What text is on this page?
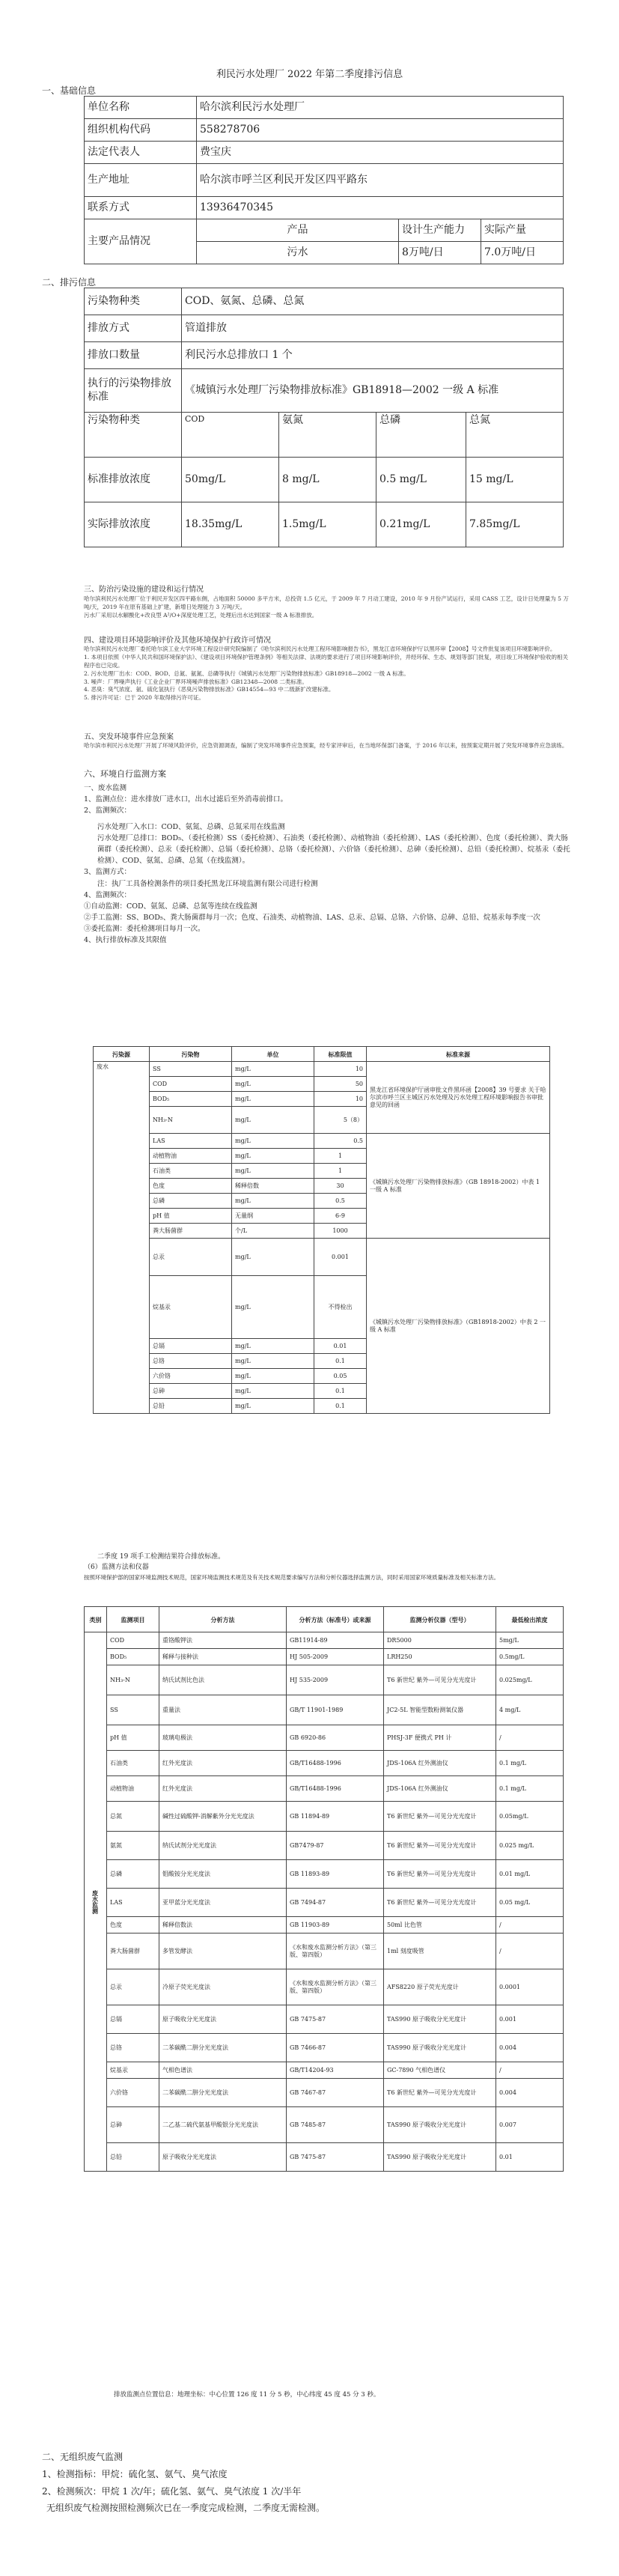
利民污水处理厂 2022 年第二季度排污信息
一、基础信息
单位名称	哈尔滨利民污水处理厂		
组织机构代码	558278706		
法定代表人	费宝庆		
生产地址	哈尔滨市呼兰区利民开发区四平路东		
联系方式	13936470345		
主要产品情况	产品	设计生产能力	实际产量
	污水	8万吨/日	7.0万吨/日
二、排污信息
污染物种类	COD、氨氮、总磷、总氮			
排放方式	管道排放			
排放口数量	利民污水总排放口 1 个			
执行的污染物排放标准	《城镇污水处理厂污染物排放标准》GB18918—2002 一级 A 标准			
污染物种类	COD	氨氮	总磷	总氮
标准排放浓度	50mg/L	8 mg/L	0.5 mg/L	15 mg/L
实际排放浓度	18.35mg/L	1.5mg/L	0.21mg/L	7.85mg/L
三、防治污染设施的建设和运行情况

哈尔滨利民污水处理厂位于利民开发区四平路东侧，占地面积 50000 多平方米，总投资 1.5 亿元，于 2009 年 7 月动工建设，2010 年 9 月份产试运行，采用 CASS 工艺，设计日处理量为 5 万吨/天，2019 年在原有基础上扩建，新增日处理能力 3 万吨/天。

污水厂采用以水解酸化+改良型 A²/O+深度处理工艺，处理后出水达到国家一级 A 标准排放。

四、建设项目环境影响评价及其他环境保护行政许可情况

哈尔滨利民污水处理厂委托哈尔滨工业大学环境工程设计研究院编制了《哈尔滨利民污水处理工程环境影响报告书》，黑龙江省环境保护厅以黑环审【2008】号文件批复该项目环境影响评价。

1. 本项目依照《中华人民共和国环境保护法》、《建设项目环境保护管理条例》等相关法律、法规的要求进行了项目环境影响评价，并经环保、生态、规划等部门批复，项目竣工环境保护验收的相关程序也已完成。

2. 污水处理厂出水：COD、BOD、总氮、氨氮、总磷等执行《城镇污水处理厂污染物排放标准》GB18918—2002 一级 A 标准。

3. 噪声：厂界噪声执行《工业企业厂界环境噪声排放标准》GB12348—2008 二类标准。

4. 恶臭：臭气浓度、氨、硫化氢执行《恶臭污染物排放标准》GB14554—93 中二级新扩改建标准。

5. 排污许可证：已于 2020 年取得排污许可证。

五、突发环境事件应急预案

哈尔滨市利民污水处理厂开展了环境风险评价，应急资源调查，编制了突发环境事件应急预案，经专家评审后，在当地环保部门备案，于 2016 年以来，按预案定期开展了突发环境事件应急演练。

六、环境自行监测方案

一、废水监测

1、监测点位：进水排放厂进水口，出水过滤后至外消毒前排口。

2、监测频次：

污水处理厂入水口：COD、氨氮、总磷、总氮采用在线监测

污水处理厂总排口：BOD₅、（委托检测）SS（委托检测）、石油类（委托检测）、动植物油（委托检测）、LAS（委托检测）、色度（委托检测）、粪大肠菌群（委托检测）、总汞（委托检测）、总镉（委托检测）、总铬（委托检测）、六价铬（委托检测）、总砷（委托检测）、总铅（委托检测）、烷基汞（委托检测）、COD、氨氮、总磷、总氮（在线监测）。

3、监测方式：

注：执厂工具备检测条件的项目委托黑龙江环境监测有限公司进行检测

4、监测频次：

①自动监测：COD、氨氮、总磷、总氮等连续在线监测

②手工监测：SS、BOD₅、粪大肠菌群每月一次；色度、石油类、动植物油、LAS、总汞、总镉、总铬、六价铬、总砷、总铅、烷基汞每季度一次

③委托监测：委托检测项目每月一次。

4、执行排放标准及其限值

污染源	污染物	单位	标准限值	标准来源
废水	SS	mg/L	10	黑龙江省环境保护厅函审批文件黑环函【2008】39 号要求 关于哈尔滨市呼兰区主城区污水处理及污水处理工程环境影响报告书审批意见的回函
	COD	mg/L	50	
	BOD₅	mg/L	10	
	NH₃-N	mg/L	5（8）	
	LAS	mg/L	0.5	《城镇污水处理厂污染物排放标准》（GB 18918-2002）中表 1 一级 A 标准
	动植物油	mg/L	1	
	石油类	mg/L	1	
	色度	稀释倍数	30	
	总磷	mg/L	0.5	
	pH 值	无量纲	6-9	
	粪大肠菌群	个/L	1000	
	总汞	mg/L	0.001	《城镇污水处理厂污染物排放标准》（GB18918-2002）中表 2 一级 A 标准
	烷基汞	mg/L	不得检出	
	总镉	mg/L	0.01	
	总铬	mg/L	0.1	
	六价铬	mg/L	0.05	
	总砷	mg/L	0.1	
	总铅	mg/L	0.1	

二季度 19 项手工检测结果符合排放标准。

（6）监测方法和仪器

按照环境保护部的国家环境监测技术规范，国家环境监测技术规范及有关技术规范要求编写方法和分析仪器选择监测方法，同时采用国家环境质量标准及相关标准方法。

类别	监测项目	分析方法	分析方法（标准号）或来源	监测分析仪器（型号）	最低检出浓度
废水监测	COD	重铬酸钾法	GB11914-89	DR5000	5mg/L
	BOD₅	稀释与接种法	HJ 505-2009	LRH250	0.5mg/L
	NH₃-N	纳氏试剂比色法	HJ 535-2009	T6 新世纪 紫外—可见分光光度计	0.025mg/L
	SS	重量法	GB/T 11901-1989	JC2-5L 智能型数粉测氧仪器	4 mg/L
	pH 值	玻璃电极法	GB 6920-86	PHSJ-3F 便携式 PH 计	/
	石油类	红外光度法	GB/T16488-1996	JDS-106A 红外测油仪	0.1 mg/L
	动植物油	红外光度法	GB/T16488-1996	JDS-106A 红外测油仪	0.1 mg/L
	总氮	碱性过硫酸钾-消解紫外分光光度法	GB 11894-89	T6 新世纪 紫外—可见分光光度计	0.05mg/L
	氨氮	纳氏试剂分光光度法	GB7479-87	T6 新世纪 紫外—可见分光光度计	0.025 mg/L
	总磷	钼酸铵分光光度法	GB 11893-89	T6 新世纪 紫外—可见分光光度计	0.01 mg/L
	LAS	亚甲蓝分光光度法	GB 7494-87	T6 新世纪 紫外—可见分光光度计	0.05 mg/L
	色度	稀释倍数法	GB 11903-89	50ml 比色管	/
	粪大肠菌群	多管发酵法	《水和废水监测分析方法》（第三版、第四版）	1ml 刻度吸管	/
	总汞	冷原子荧光光度法	《水和废水监测分析方法》（第三版、第四版）	AFS8220 原子荧光光度计	0.0001
	总镉	原子吸收分光光度法	GB 7475-87	TAS990 原子吸收分光光度计	0.001
	总铬	二苯碳酰二肼分光光度法	GB 7466-87	TAS990 原子吸收分光光度计	0.004
	烷基汞	气相色谱法	GB/T14204-93	GC-7890 气相色谱仪	/
	六价铬	二苯碳酰二肼分光光度法	GB 7467-87	T6 新世纪 紫外—可见分光光度计	0.004
	总砷	二乙基二硫代氨基甲酸银分光光度法	GB 7485-87	TAS990 原子吸收分光光度计	0.007
	总铅	原子吸收分光光度法	GB 7475-87	TAS990 原子吸收分光光度计	0.01
排放监测点位置信息：地理坐标：中心位置 126 度 11 分 5 秒，中心纬度 45 度 45 分 3 秒。

二、无组织废气监测

1、检测指标：甲烷：硫化氢、氨气、臭气浓度

2、检测频次：甲烷 1 次/年；硫化氢、氨气、臭气浓度 1 次/半年

无组织废气检测按照检测频次已在一季度完成检测，二季度无需检测。
